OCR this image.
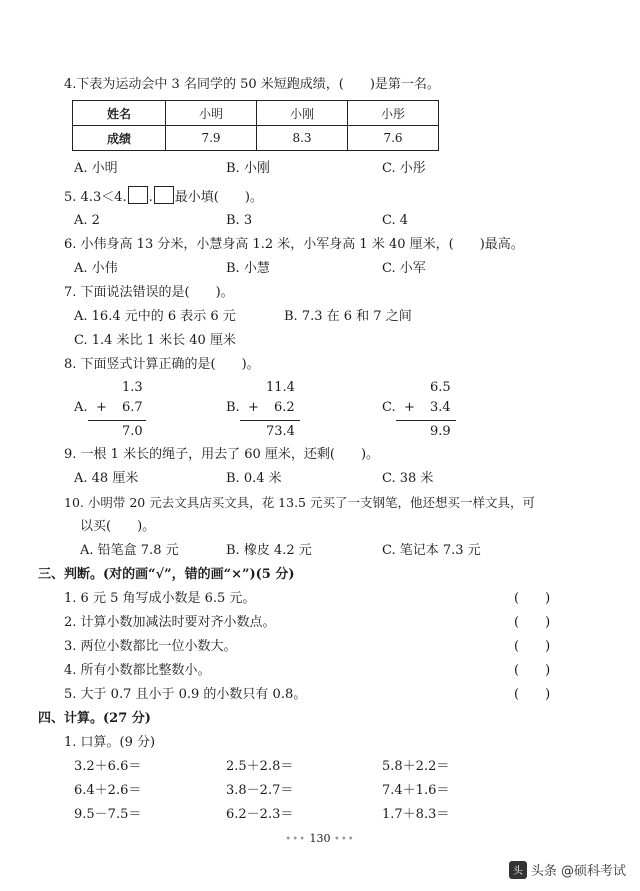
4.下表为运动会中 3 名同学的 50 米短跑成绩，(　　)是第一名。
姓名	小明	小刚	小彤
成绩	7.9	8.3	7.6
A. 小明	B. 小刚	C. 小彤
5. 4.3＜4. . 最小填(　　)。
A. 2	B. 3	C. 4
6. 小伟身高 13 分米，小慧身高 1.2 米，小军身高 1 米 40 厘米，(　　)最高。
A. 小伟	B. 小慧	C. 小军
7. 下面说法错误的是(　　)。
A. 16.4 元中的 6 表示 6 元	B. 7.3 在 6 和 7 之间
C. 1.4 米比 1 米长 40 厘米
8. 下面竖式计算正确的是(　　)。
A.
1.3
+ 6.7
7.0
B.
11.4
+ 6.2
73.4
C.
6.5
+ 3.4
9.9
9. 一根 1 米长的绳子，用去了 60 厘米，还剩(　　)。
A. 48 厘米	B. 0.4 米	C. 38 米
10. 小明带 20 元去文具店买文具，花 13.5 元买了一支钢笔，他还想买一样文具，可
以买(　　)。
A. 铅笔盒 7.8 元	B. 橡皮 4.2 元	C. 笔记本 7.3 元
三、判断。(对的画“√”，错的画“×”)(5 分)
1. 6 元 5 角写成小数是 6.5 元。	(　　)
2. 计算小数加减法时要对齐小数点。	(　　)
3. 两位小数都比一位小数大。	(　　)
4. 所有小数都比整数小。	(　　)
5. 大于 0.7 且小于 0.9 的小数只有 0.8。	(　　)
四、计算。(27 分)
1. 口算。(9 分)
3.2＋6.6＝	2.5＋2.8＝	5.8＋2.2＝
6.4＋2.6＝	3.8－2.7＝	7.4＋1.6＝
9.5－7.5＝	6.2－2.3＝	1.7＋8.3＝
••• 130 •••
头 头条 @硕科考试
